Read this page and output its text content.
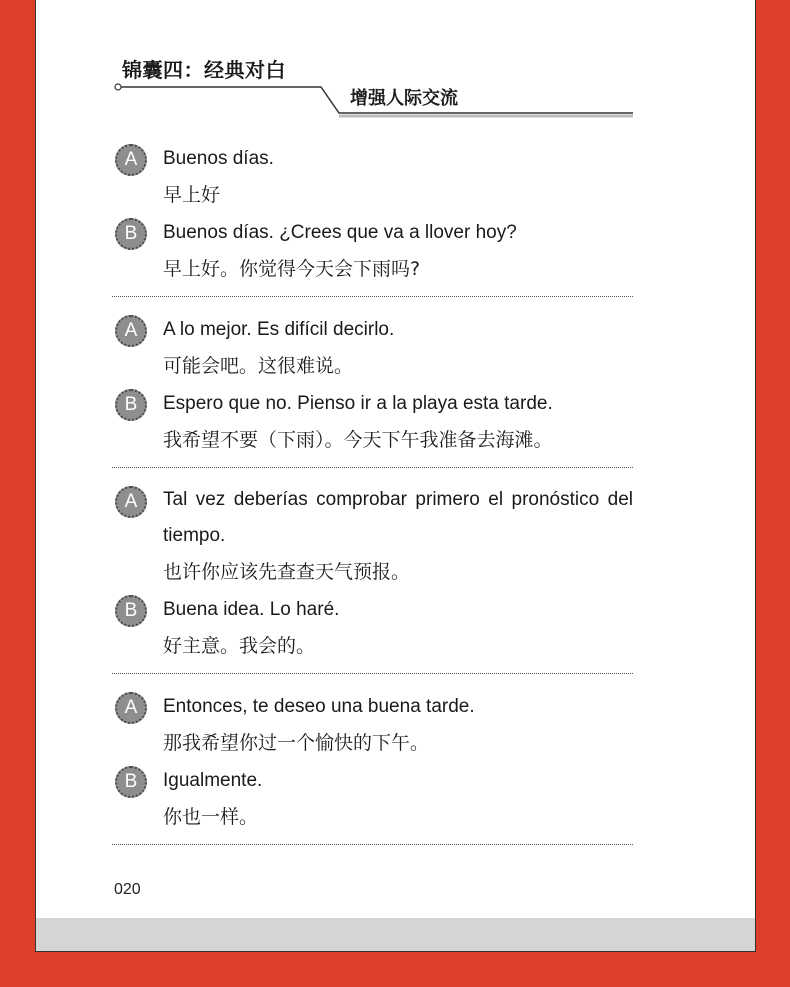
锦囊四：经典对白
增强人际交流
A	Buenos días.
早上好
B	Buenos días. ¿Crees que va a llover hoy?
早上好。你觉得今天会下雨吗?
A	A lo mejor. Es difícil decirlo.
可能会吧。这很难说。
B	Espero que no. Pienso ir a la playa esta tarde.
我希望不要（下雨）。今天下午我准备去海滩。
A	Tal vez deberías comprobar primero el pronóstico del tiempo.
也许你应该先查查天气预报。
B	Buena idea. Lo haré.
好主意。我会的。
A	Entonces, te deseo una buena tarde.
那我希望你过一个愉快的下午。
B	Igualmente.
你也一样。
020
